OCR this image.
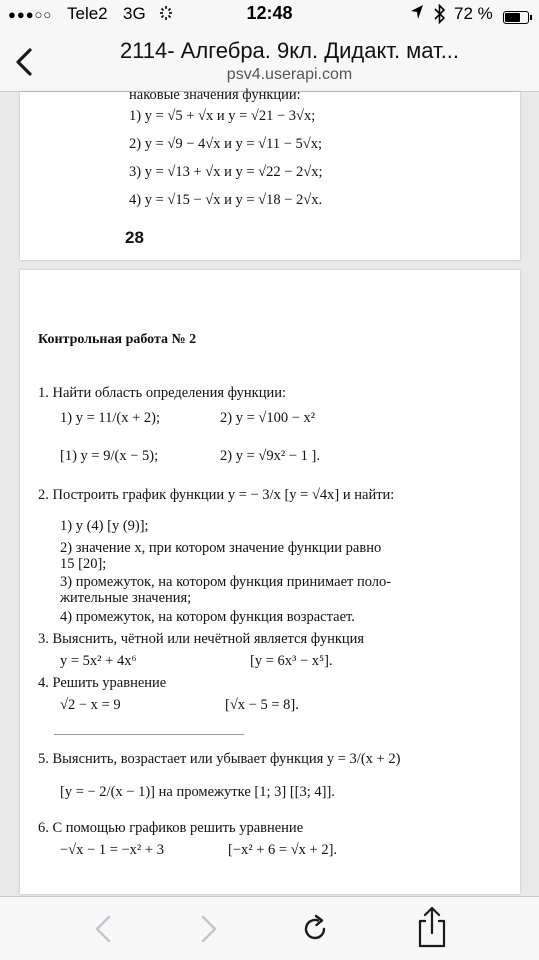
●●●○○ Tele2 3G	12:48	72 %
2114- Алгебра. 9кл. Дидакт. мат...
psv4.userapi.com
наковые значения функции:
1) y = √5 + √x и y = √21 − 3√x;
2) y = √9 − 4√x и y = √11 − 5√x;
3) y = √13 + √x и y = √22 − 2√x;
4) y = √15 − √x и y = √18 − 2√x.
28
Контрольная работа № 2
1. Найти область определения функции:
1) y = 11/(x + 2);	2) y = √100 − x²
[1) y = 9/(x − 5);	2) y = √9x² − 1 ].
2. Построить график функции y = − 3/x [y = √4x] и найти:
1) y (4) [y (9)];
2) значение x, при котором значение функции равно
15 [20];
3) промежуток, на котором функция принимает поло-
жительные значения;
4) промежуток, на котором функция возрастает.
3. Выяснить, чётной или нечётной является функция
y = 5x² + 4x⁶	[y = 6x³ − x⁵].
4. Решить уравнение
√2 − x = 9	[√x − 5 = 8].
5. Выяснить, возрастает или убывает функция y = 3/(x + 2)
[y = − 2/(x − 1)] на промежутке [1; 3] [[3; 4]].
6. С помощью графиков решить уравнение
−√x − 1 = −x² + 3	[−x² + 6 = √x + 2].
